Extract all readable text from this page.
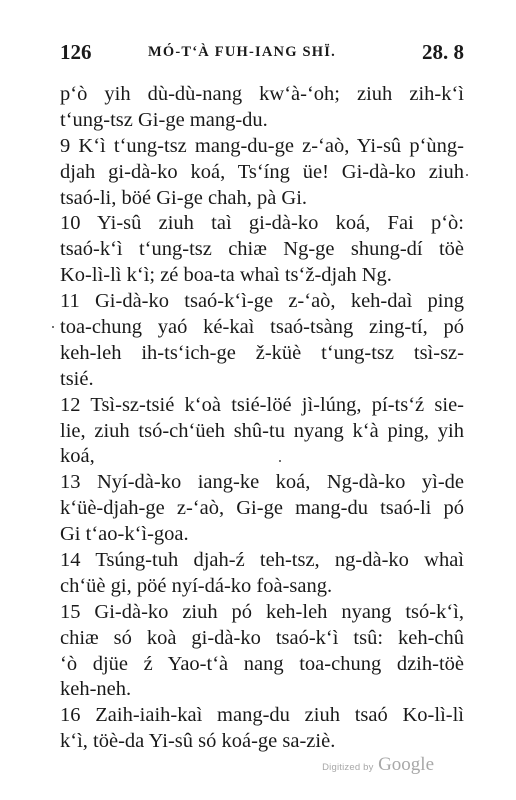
126	MÓ-T‘À FUH-IANG SHÏ.	28. 8
p‘ò yih dù-dù-nang kw‘à-‘oh; ziuh zih-k‘ì
t‘ung-tsz Gi-ge mang-du.
9 K‘ì t‘ung-tsz mang-du-ge z-‘aò, Yi-sû p‘ùng-
djah gi-dà-ko koá, Ts‘íng üe! Gi-dà-ko ziuh
tsaó-li, böé Gi-ge chah, pà Gi.
10 Yi-sû ziuh taì gi-dà-ko koá, Fai p‘ò:
tsaó-k‘ì t‘ung-tsz chiæ Ng-ge shung-dí töè
Ko-lì-lì k‘ì; zé boa-ta whaì ts‘ž-djah Ng.
11 Gi-dà-ko tsaó-k‘ì-ge z-‘aò, keh-daì ping
toa-chung yaó ké-kaì tsaó-tsàng zing-tí, pó
keh-leh ih-ts‘ich-ge ž-küè t‘ung-tsz tsì-sz-
tsié.
12 Tsì-sz-tsié k‘oà tsié-löé jì-lúng, pí-ts‘ź sie-
lie, ziuh tsó-ch‘üeh shû-tu nyang k‘à ping, yih
koá,
13 Nyí-dà-ko iang-ke koá, Ng-dà-ko yì-de
k‘üè-djah-ge z-‘aò, Gi-ge mang-du tsaó-li pó
Gi t‘ao-k‘ì-goa.
14 Tsúng-tuh djah-ź teh-tsz, ng-dà-ko whaì
ch‘üè gi, pöé nyí-dá-ko foà-sang.
15 Gi-dà-ko ziuh pó keh-leh nyang tsó-k‘ì,
chiæ só koà gi-dà-ko tsaó-k‘ì tsû: keh-chû
‘ò djüe ź Yao-t‘à nang toa-chung dzih-töè
keh-neh.
16 Zaih-iaih-kaì mang-du ziuh tsaó Ko-lì-lì
k‘ì, töè-da Yi-sû só koá-ge sa-ziè.
Digitized by Google
